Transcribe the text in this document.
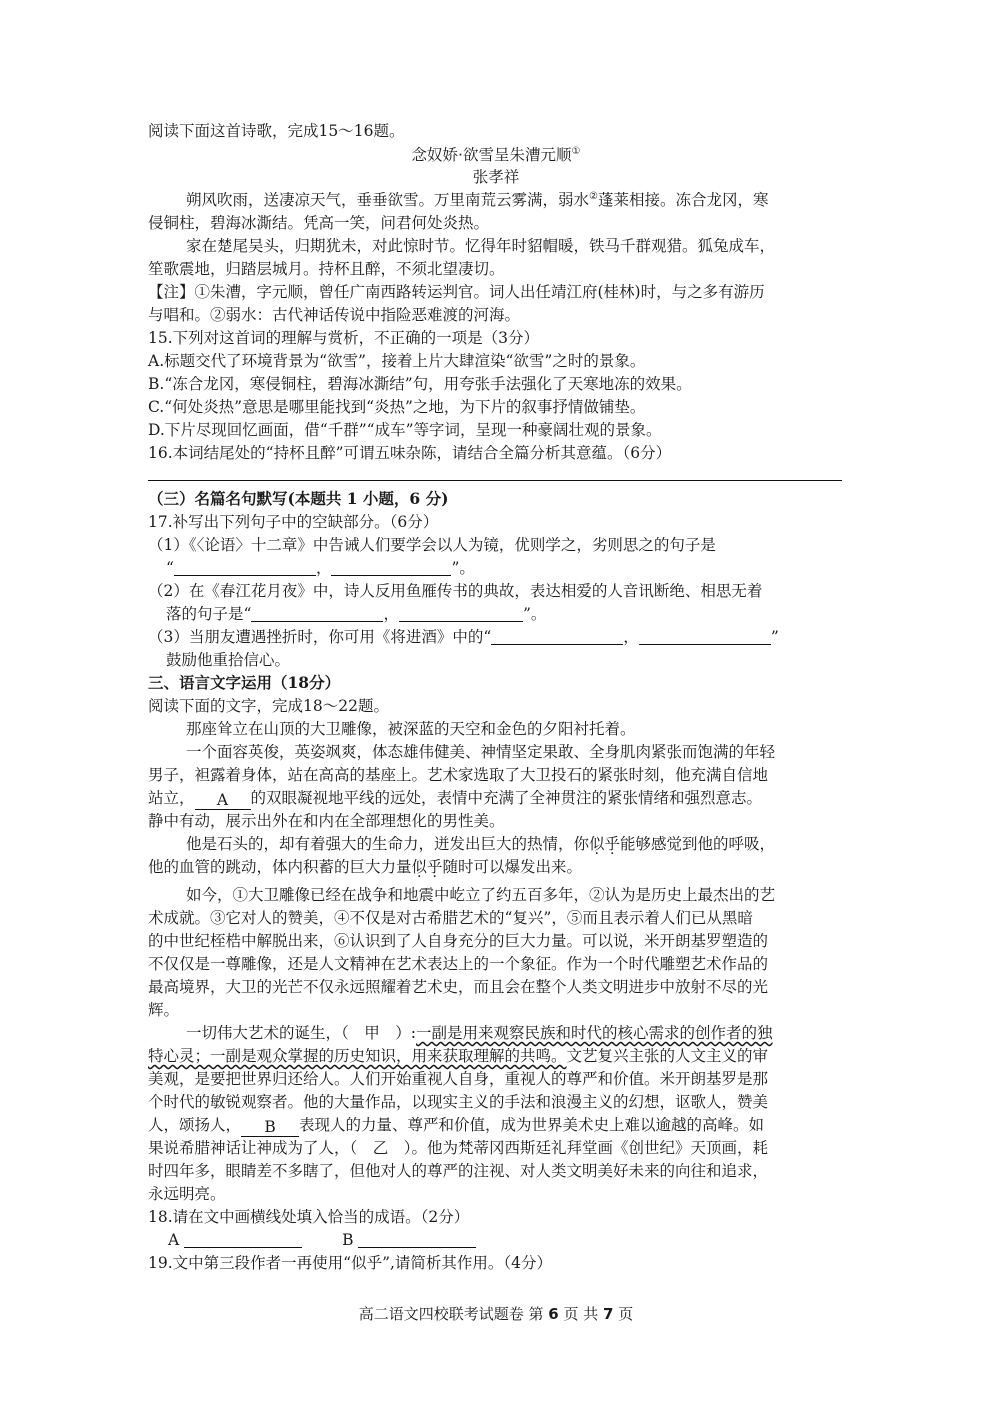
阅读下面这首诗歌，完成15～16题。
念奴娇·欲雪呈朱漕元顺①
张孝祥
朔风吹雨，送凄凉天气，垂垂欲雪。万里南荒云雾满，弱水②蓬莱相接。冻合龙冈，寒
侵铜柱，碧海冰澌结。凭高一笑，问君何处炎热。
家在楚尾吴头，归期犹未，对此惊时节。忆得年时貂帽暖，铁马千群观猎。狐兔成车，
笙歌震地，归踏层城月。持杯且醉，不须北望凄切。
【注】①朱漕，字元顺，曾任广南西路转运判官。词人出任靖江府(桂林)时，与之多有游历
与唱和。②弱水：古代神话传说中指险恶难渡的河海。
15.下列对这首词的理解与赏析，不正确的一项是（3分）
A.标题交代了环境背景为“欲雪”，接着上片大肆渲染“欲雪”之时的景象。
B.“冻合龙冈，寒侵铜柱，碧海冰澌结”句，用夸张手法强化了天寒地冻的效果。
C.“何处炎热”意思是哪里能找到“炎热”之地，为下片的叙事抒情做铺垫。
D.下片尽现回忆画面，借“千群”“成车”等字词，呈现一种豪阔壮观的景象。
16.本词结尾处的“持杯且醉”可谓五味杂陈，请结合全篇分析其意蕴。（6分）
（三）名篇名句默写(本题共 1 小题，6 分)
17.补写出下列句子中的空缺部分。（6分）
（1）《〈论语〉十二章》中告诫人们要学会以人为镜，优则学之，劣则思之的句子是
“	，	”。
（2）在《春江花月夜》中，诗人反用鱼雁传书的典故，表达相爱的人音讯断绝、相思无着
落的句子是“	，	”。
（3）当朋友遭遇挫折时，你可用《将进酒》中的“	，	”
鼓励他重拾信心。
三、语言文字运用（18分）
阅读下面的文字，完成18～22题。
那座耸立在山顶的大卫雕像，被深蓝的天空和金色的夕阳衬托着。
一个面容英俊，英姿飒爽，体态雄伟健美、神情坚定果敢、全身肌肉紧张而饱满的年轻
男子，袒露着身体，站在高高的基座上。艺术家选取了大卫投石的紧张时刻，他充满自信地
站立， A 的双眼凝视地平线的远处，表情中充满了全神贯注的紧张情绪和强烈意志。
静中有动，展示出外在和内在全部理想化的男性美。
他是石头的，却有着强大的生命力，迸发出巨大的热情，你似乎能够感觉到他的呼吸，
他的血管的跳动，体内积蓄的巨大力量似乎随时可以爆发出来。
如今，①大卫雕像已经在战争和地震中屹立了约五百多年，②认为是历史上最杰出的艺
术成就。③它对人的赞美，④不仅是对古希腊艺术的“复兴”，⑤而且表示着人们已从黑暗
的中世纪桎梏中解脱出来，⑥认识到了人自身充分的巨大力量。可以说，米开朗基罗塑造的
不仅仅是一尊雕像，还是人文精神在艺术表达上的一个象征。作为一个时代雕塑艺术作品的
最高境界，大卫的光芒不仅永远照耀着艺术史，而且会在整个人类文明进步中放射不尽的光
辉。
一切伟大艺术的诞生，（　甲　）:一副是用来观察民族和时代的核心需求的创作者的独
特心灵；一副是观众掌握的历史知识，用来获取理解的共鸣。文艺复兴主张的人文主义的审
美观，是要把世界归还给人。人们开始重视人自身，重视人的尊严和价值。米开朗基罗是那
个时代的敏锐观察者。他的大量作品，以现实主义的手法和浪漫主义的幻想，讴歌人，赞美
人，颂扬人， B 表现人的力量、尊严和价值，成为世界美术史上难以逾越的高峰。如
果说希腊神话让神成为了人，（　乙　）。他为梵蒂冈西斯廷礼拜堂画《创世纪》天顶画，耗
时四年多，眼睛差不多瞎了，但他对人的尊严的注视、对人类文明美好未来的向往和追求，
永远明亮。
18.请在文中画横线处填入恰当的成语。（2分）
A	B
19.文中第三段作者一再使用“似乎”,请简析其作用。（4分）
高二语文四校联考试题卷 第 6 页 共 7 页
